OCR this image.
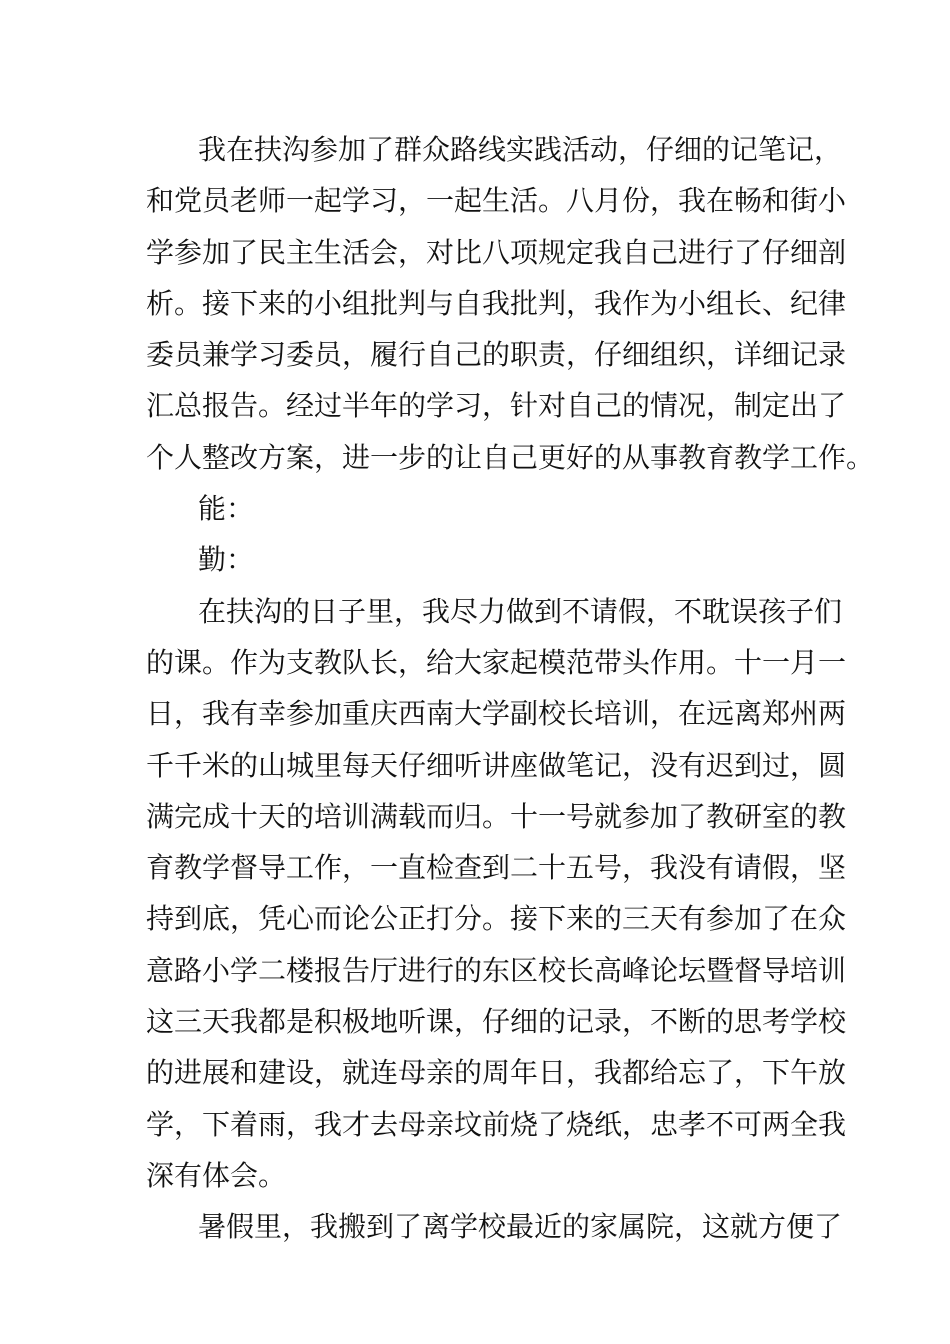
我在扶沟参加了群众路线实践活动，仔细的记笔记，
和党员老师一起学习，一起生活。八月份，我在畅和街小
学参加了民主生活会，对比八项规定我自己进行了仔细剖
析。接下来的小组批判与自我批判，我作为小组长、纪律
委员兼学习委员，履行自己的职责，仔细组织，详细记录
汇总报告。经过半年的学习，针对自己的情况，制定出了
个人整改方案，进一步的让自己更好的从事教育教学工作。
能：
勤：
在扶沟的日子里，我尽力做到不请假，不耽误孩子们
的课。作为支教队长，给大家起模范带头作用。十一月一
日，我有幸参加重庆西南大学副校长培训，在远离郑州两
千千米的山城里每天仔细听讲座做笔记，没有迟到过，圆
满完成十天的培训满载而归。十一号就参加了教研室的教
育教学督导工作，一直检查到二十五号，我没有请假，坚
持到底，凭心而论公正打分。接下来的三天有参加了在众
意路小学二楼报告厅进行的东区校长高峰论坛暨督导培训
这三天我都是积极地听课，仔细的记录，不断的思考学校
的进展和建设，就连母亲的周年日，我都给忘了，下午放
学，下着雨，我才去母亲坟前烧了烧纸，忠孝不可两全我
深有体会。
暑假里，我搬到了离学校最近的家属院，这就方便了
